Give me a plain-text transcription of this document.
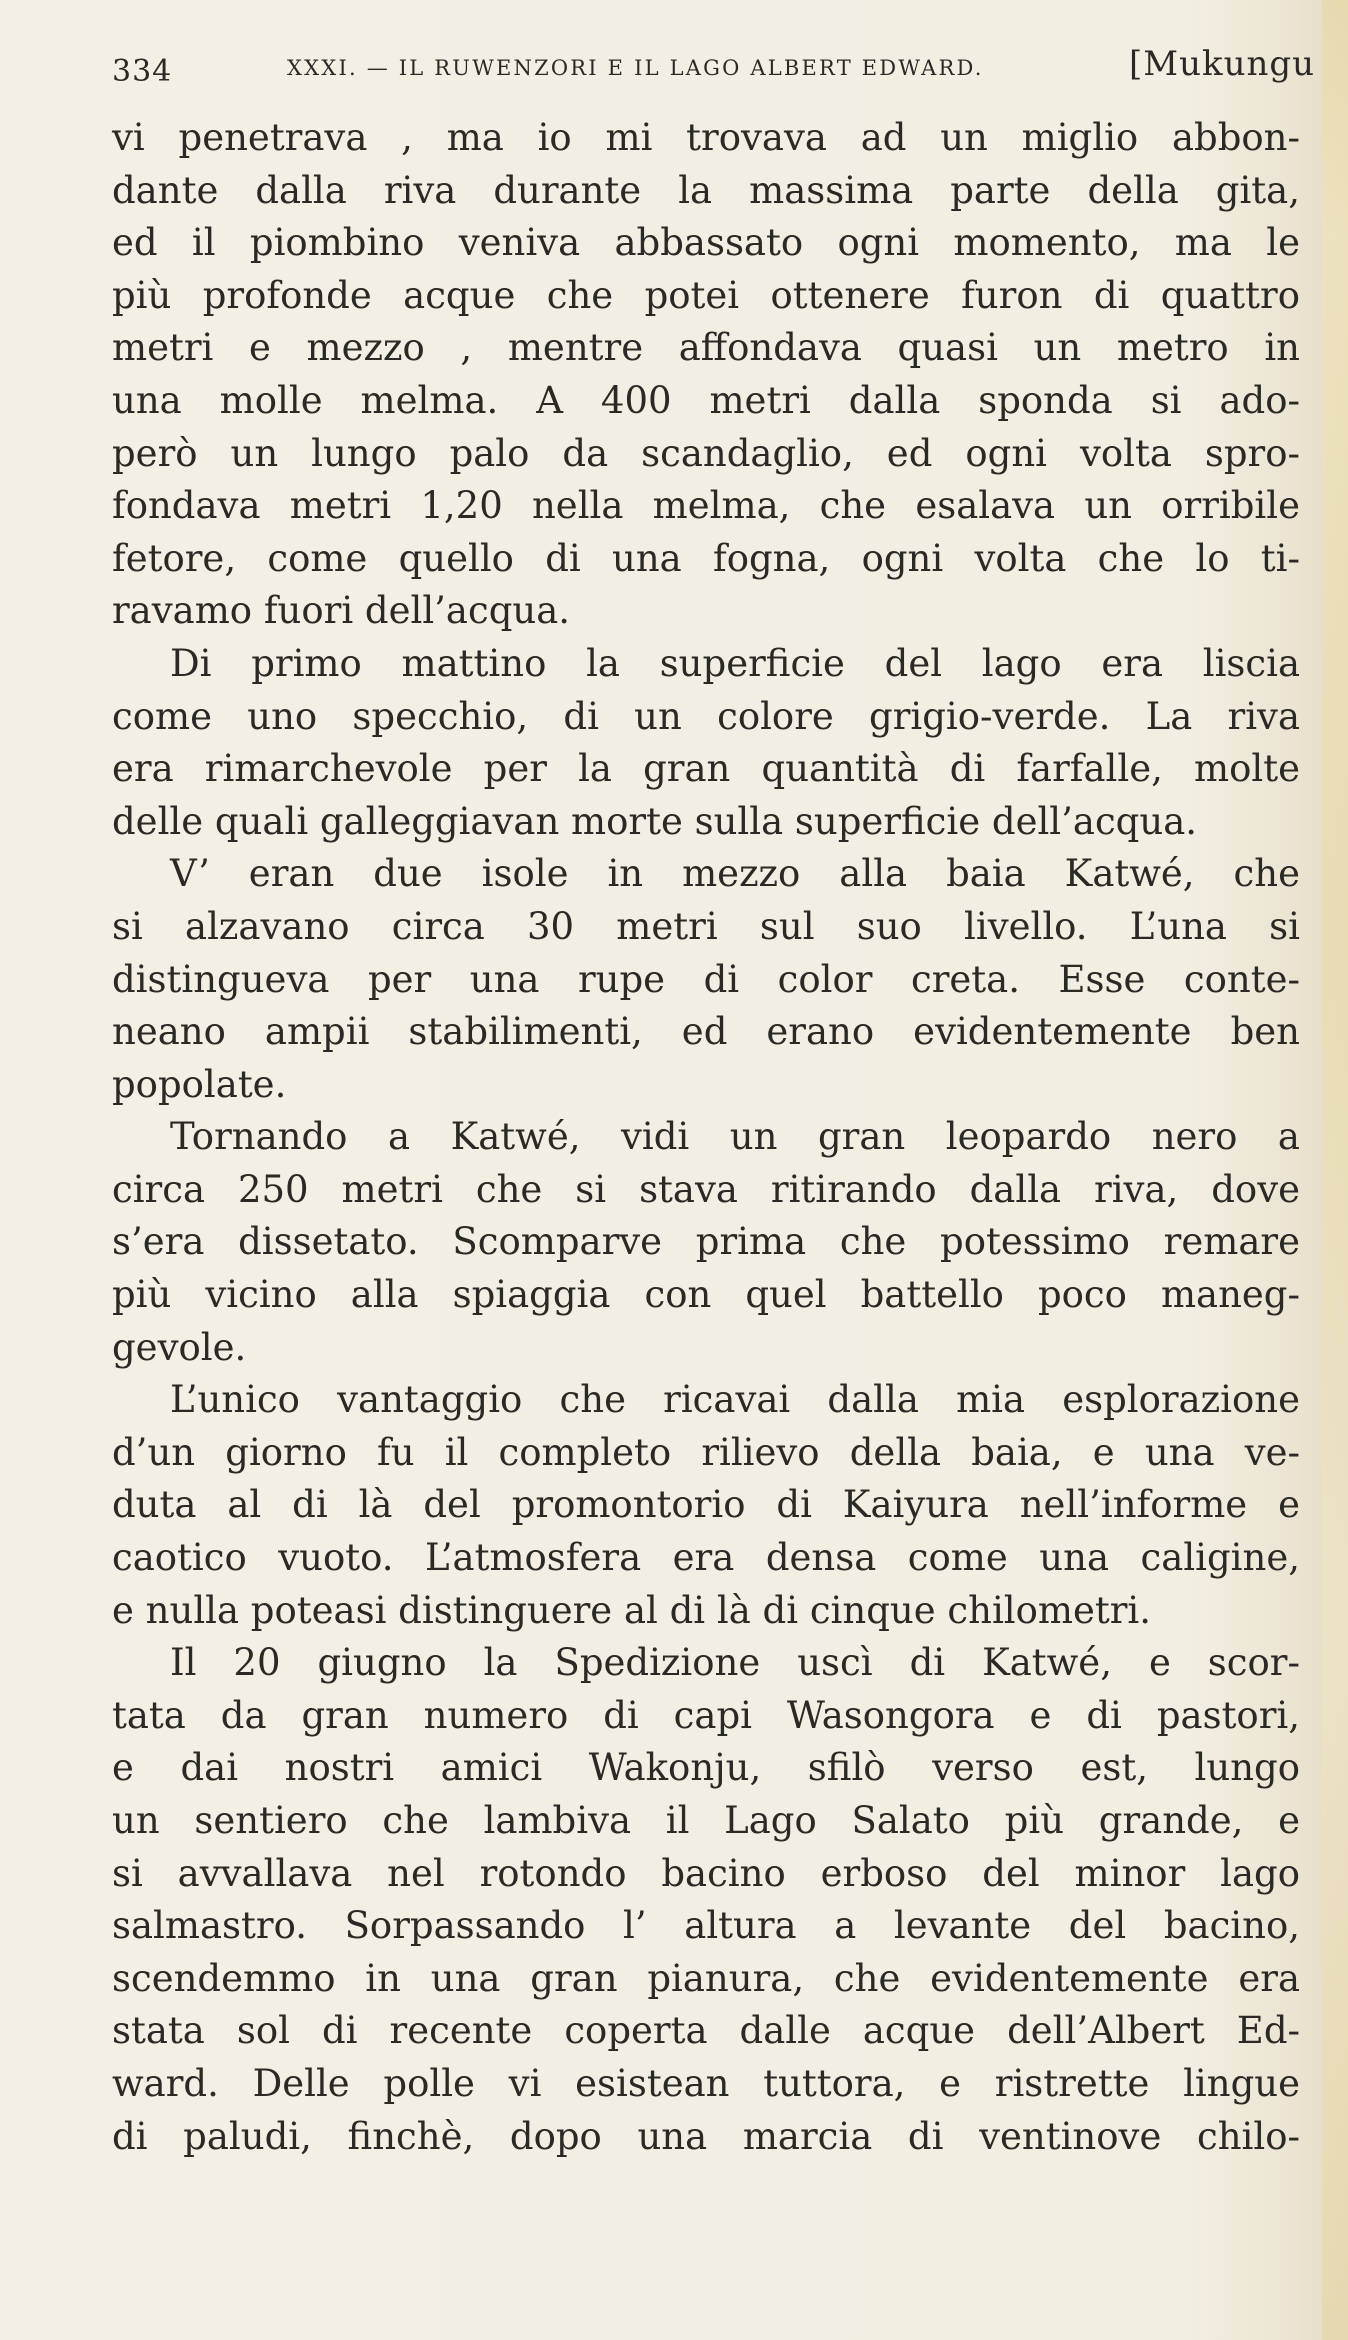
334	XXXI. — IL RUWENZORI E IL LAGO ALBERT EDWARD.	[Mukungu
vi penetrava , ma io mi trovava ad un miglio abbon-
dante dalla riva durante la massima parte della gita,
ed il piombino veniva abbassato ogni momento, ma le
più profonde acque che potei ottenere furon di quattro
metri e mezzo , mentre affondava quasi un metro in
una molle melma. A 400 metri dalla sponda si ado-
però un lungo palo da scandaglio, ed ogni volta spro-
fondava metri 1,20 nella melma, che esalava un orribile
fetore, come quello di una fogna, ogni volta che lo ti-
ravamo fuori dell’acqua.
Di primo mattino la superficie del lago era liscia
come uno specchio, di un colore grigio-verde. La riva
era rimarchevole per la gran quantità di farfalle, molte
delle quali galleggiavan morte sulla superficie dell’acqua.
V’ eran due isole in mezzo alla baia Katwé, che
si alzavano circa 30 metri sul suo livello. L’una si
distingueva per una rupe di color creta. Esse conte-
neano ampii stabilimenti, ed erano evidentemente ben
popolate.
Tornando a Katwé, vidi un gran leopardo nero a
circa 250 metri che si stava ritirando dalla riva, dove
s’era dissetato. Scomparve prima che potessimo remare
più vicino alla spiaggia con quel battello poco maneg-
gevole.
L’unico vantaggio che ricavai dalla mia esplorazione
d’un giorno fu il completo rilievo della baia, e una ve-
duta al di là del promontorio di Kaiyura nell’informe e
caotico vuoto. L’atmosfera era densa come una caligine,
e nulla poteasi distinguere al di là di cinque chilometri.
Il 20 giugno la Spedizione uscì di Katwé, e scor-
tata da gran numero di capi Wasongora e di pastori,
e dai nostri amici Wakonju, sfilò verso est, lungo
un sentiero che lambiva il Lago Salato più grande, e
si avvallava nel rotondo bacino erboso del minor lago
salmastro. Sorpassando l’ altura a levante del bacino,
scendemmo in una gran pianura, che evidentemente era
stata sol di recente coperta dalle acque dell’Albert Ed-
ward. Delle polle vi esistean tuttora, e ristrette lingue
di paludi, finchè, dopo una marcia di ventinove chilo-
